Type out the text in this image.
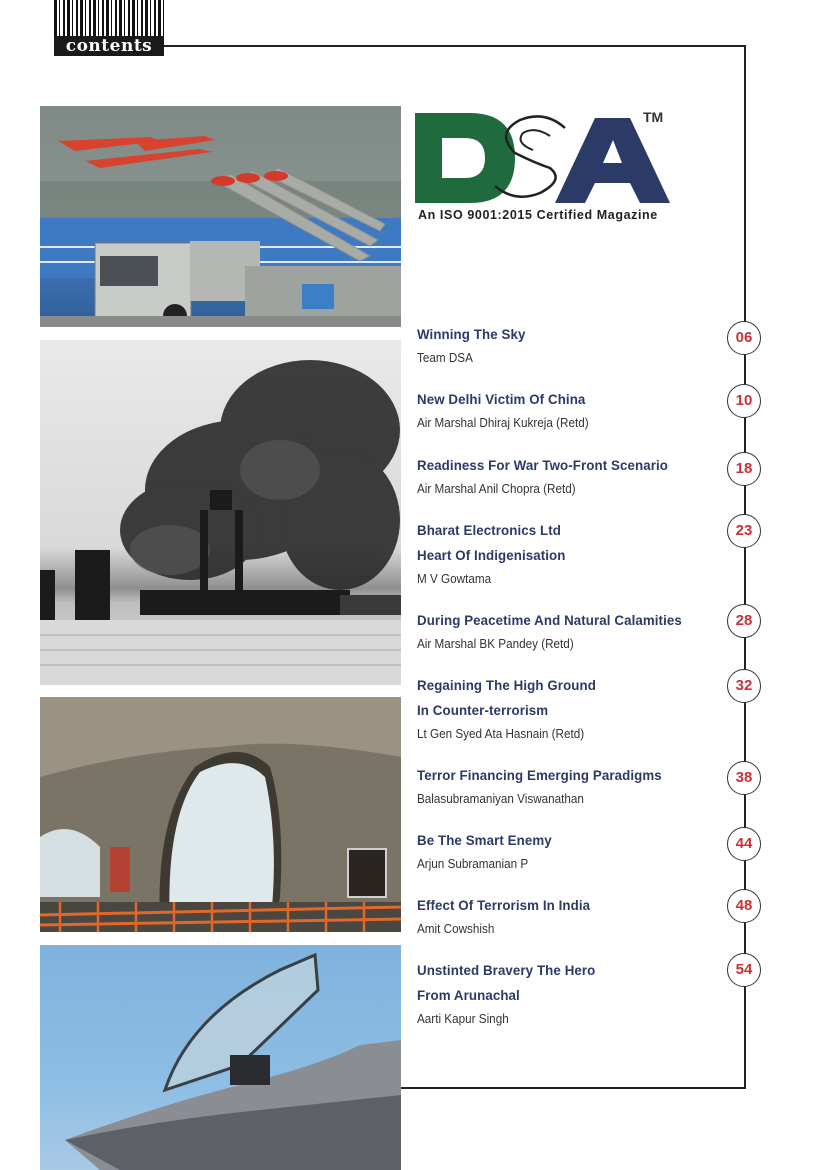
contents
TM
An ISO 9001:2015 Certified Magazine
Winning The Sky
Team DSA
06
New Delhi Victim Of China
Air Marshal Dhiraj Kukreja (Retd)
10
Readiness For War Two-Front Scenario
Air Marshal Anil Chopra (Retd)
18
Bharat Electronics Ltd
Heart Of Indigenisation
M V Gowtama
23
During Peacetime And Natural Calamities
Air Marshal BK Pandey (Retd)
28
Regaining The High Ground
In Counter-terrorism
Lt Gen Syed Ata Hasnain (Retd)
32
Terror Financing Emerging Paradigms
Balasubramaniyan Viswanathan
38
Be The Smart Enemy
Arjun Subramanian P
44
Effect Of Terrorism In India
Amit Cowshish
48
Unstinted Bravery The Hero
From Arunachal
Aarti Kapur Singh
54
